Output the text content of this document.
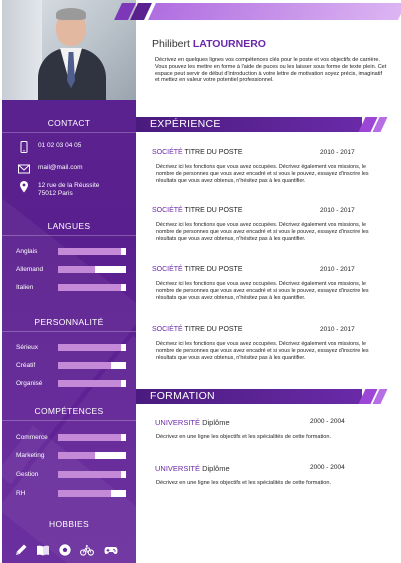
CONTACT
01 02 03 04 05
mail@mail.com
12 rue de la Réussite
75012 Paris
LANGUES
Anglais
Allemand
Italien
PERSONNALITÉ
Sérieux
Créatif
Organisé
COMPÉTENCES
Commerce
Marketing
Gestion
RH
HOBBIES
Philibert LATOURNERO
Décrivez en quelques lignes vos compétences clés pour le poste et vos objectifs de carrière. Vous pouvez les mettre en forme à l'aide de puces ou les laisser sous forme de texte plein. Cet espace peut servir de début d'introduction à votre lettre de motivation soyez précis, imaginatif et mettez en valeur votre potentiel professionnel.
EXPÉRIENCE
SOCIÉTÉ TITRE DU POSTE	2010 - 2017
Décrivez ici les fonctions que vous avez occupées. Décrivez également vos missions, le nombre de personnes que vous avez encadré et si vous le pouvez, essayez d'inscrire les résultats que vous avez obtenus, n'hésitez pas à les quantifier.
SOCIÉTÉ TITRE DU POSTE	2010 - 2017
Décrivez ici les fonctions que vous avez occupées. Décrivez également vos missions, le nombre de personnes que vous avez encadré et si vous le pouvez, essayez d'inscrire les résultats que vous avez obtenus, n'hésitez pas à les quantifier.
SOCIÉTÉ TITRE DU POSTE	2010 - 2017
Décrivez ici les fonctions que vous avez occupées. Décrivez également vos missions, le nombre de personnes que vous avez encadré et si vous le pouvez, essayez d'inscrire les résultats que vous avez obtenus, n'hésitez pas à les quantifier.
SOCIÉTÉ TITRE DU POSTE	2010 - 2017
Décrivez ici les fonctions que vous avez occupées. Décrivez également vos missions, le nombre de personnes que vous avez encadré et si vous le pouvez, essayez d'inscrire les résultats que vous avez obtenus, n'hésitez pas à les quantifier.
FORMATION
UNIVERSITÉ Diplôme	2000 - 2004
Décrivez en une ligne les objectifs et les spécialités de cette formation.
UNIVERSITÉ Diplôme	2000 - 2004
Décrivez en une ligne les objectifs et les spécialités de cette formation.
